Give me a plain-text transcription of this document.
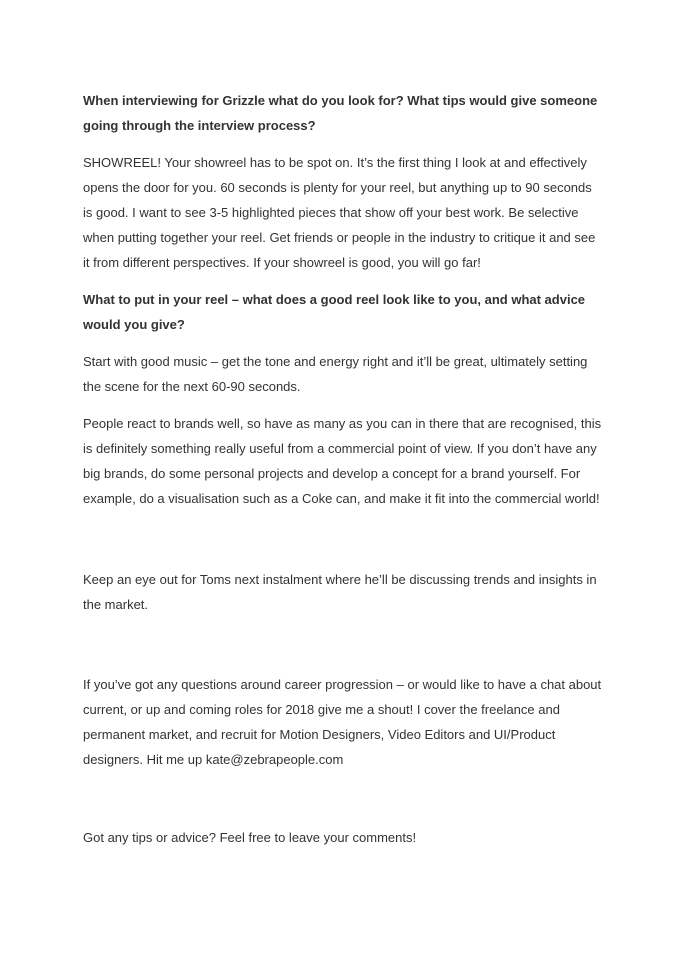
When interviewing for Grizzle what do you look for? What tips would give someone going through the interview process?

SHOWREEL! Your showreel has to be spot on. It’s the first thing I look at and effectively opens the door for you. 60 seconds is plenty for your reel, but anything up to 90 seconds is good. I want to see 3-5 highlighted pieces that show off your best work. Be selective when putting together your reel. Get friends or people in the industry to critique it and see it from different perspectives. If your showreel is good, you will go far!

What to put in your reel – what does a good reel look like to you, and what advice would you give?

Start with good music – get the tone and energy right and it’ll be great, ultimately setting the scene for the next 60-90 seconds.

People react to brands well, so have as many as you can in there that are recognised, this is definitely something really useful from a commercial point of view. If you don’t have any big brands, do some personal projects and develop a concept for a brand yourself. For example, do a visualisation such as a Coke can, and make it fit into the commercial world!

Keep an eye out for Toms next instalment where he’ll be discussing trends and insights in the market.

If you’ve got any questions around career progression – or would like to have a chat about current, or up and coming roles for 2018 give me a shout! I cover the freelance and permanent market, and recruit for Motion Designers, Video Editors and UI/Product designers. Hit me up kate@zebrapeople.com

Got any tips or advice? Feel free to leave your comments!
